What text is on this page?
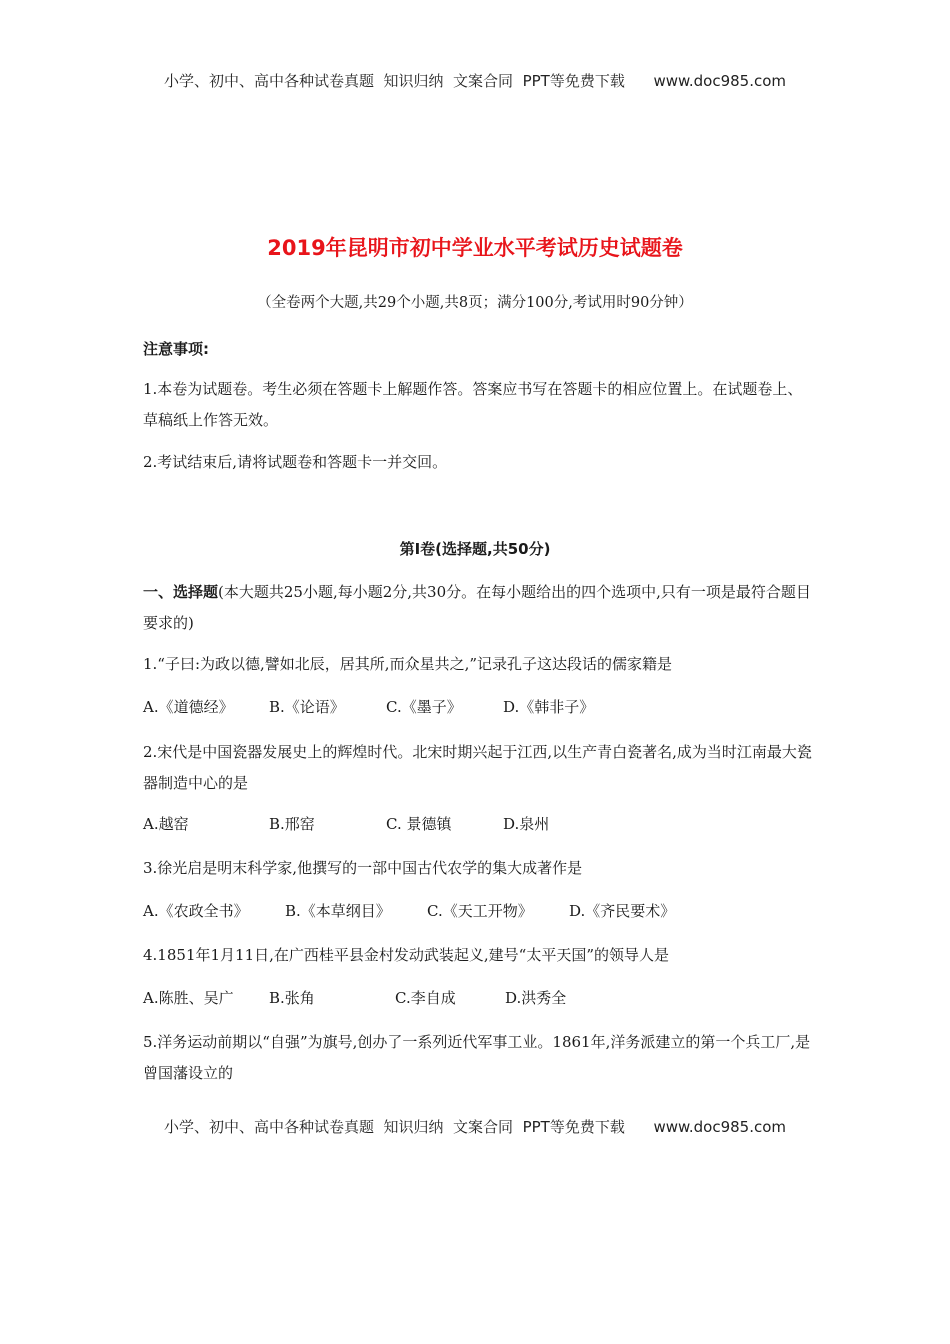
小学、初中、高中各种试卷真题  知识归纳  文案合同  PPT等免费下载      www.doc985.com
2019年昆明市初中学业水平考试历史试题卷
（全卷两个大题,共29个小题,共8页；满分100分,考试用时90分钟）
注意事项:
1.本卷为试题卷。考生必须在答题卡上解题作答。答案应书写在答题卡的相应位置上。在试题卷上、草稿纸上作答无效。
2.考试结束后,请将试题卷和答题卡一并交回。
第Ⅰ卷(选择题,共50分)
一、选择题(本大题共25小题,每小题2分,共30分。在每小题给出的四个选项中,只有一项是最符合题目要求的)
1.“子曰:为政以德,譬如北辰，居其所,而众星共之,”记录孔子这达段话的儒家籍是
A.《道德经》 B.《论语》	C.《墨子》	D.《韩非子》
2.宋代是中国瓷器发展史上的辉煌时代。北宋时期兴起于江西,以生产青白瓷著名,成为当时江南最大瓷器制造中心的是
A.越窑	B.邢窑	C. 景德镇	D.泉州
3.徐光启是明末科学家,他撰写的一部中国古代农学的集大成著作是
A.《农政全书》 B.《本草纲目》 C.《天工开物》 D.《齐民要术》
4.1851年1月11日,在广西桂平县金村发动武装起义,建号“太平天国”的领导人是
A.陈胜、吴广 B.张角	C.李自成	D.洪秀全
5.洋务运动前期以“自强”为旗号,创办了一系列近代军事工业。1861年,洋务派建立的第一个兵工厂,是曾国藩设立的
小学、初中、高中各种试卷真题  知识归纳  文案合同  PPT等免费下载      www.doc985.com
